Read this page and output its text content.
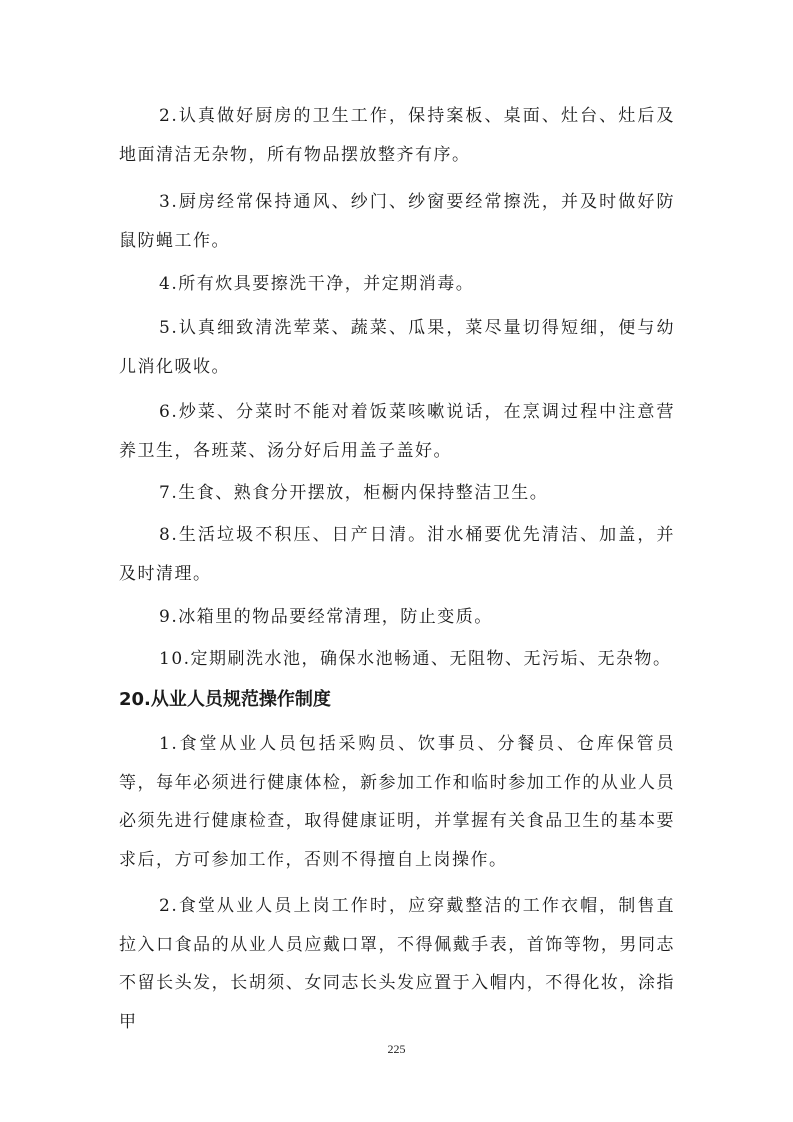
2.认真做好厨房的卫生工作，保持案板、桌面、灶台、灶后及地面清洁无杂物，所有物品摆放整齐有序。

3.厨房经常保持通风、纱门、纱窗要经常擦洗，并及时做好防鼠防蝇工作。

4.所有炊具要擦洗干净，并定期消毒。

5.认真细致清洗荤菜、蔬菜、瓜果，菜尽量切得短细，便与幼儿消化吸收。

6.炒菜、分菜时不能对着饭菜咳嗽说话，在烹调过程中注意营养卫生，各班菜、汤分好后用盖子盖好。

7.生食、熟食分开摆放，柜橱内保持整洁卫生。

8.生活垃圾不积压、日产日清。泔水桶要优先清洁、加盖，并及时清理。

9.冰箱里的物品要经常清理，防止变质。

10.定期刷洗水池，确保水池畅通、无阻物、无污垢、无杂物。

20.从业人员规范操作制度

1.食堂从业人员包括采购员、饮事员、分餐员、仓库保管员等，每年必须进行健康体检，新参加工作和临时参加工作的从业人员必须先进行健康检查，取得健康证明，并掌握有关食品卫生的基本要求后，方可参加工作，否则不得擅自上岗操作。

2.食堂从业人员上岗工作时，应穿戴整洁的工作衣帽，制售直拉入口食品的从业人员应戴口罩，不得佩戴手表，首饰等物，男同志不留长头发，长胡须、女同志长头发应置于入帽内，不得化妆，涂指甲

225
